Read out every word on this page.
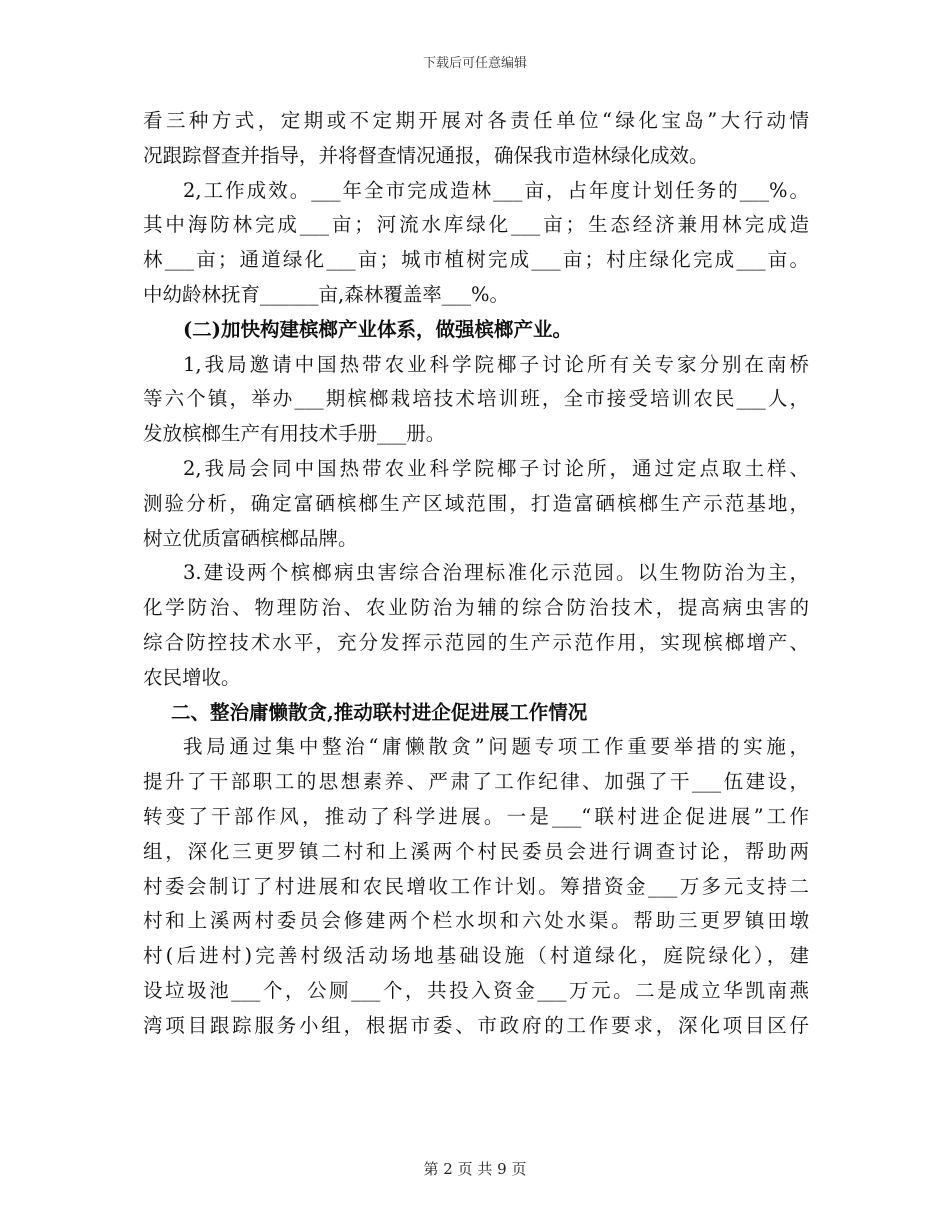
下载后可任意编辑
看三种方式，定期或不定期开展对各责任单位“绿化宝岛”大行动情
况跟踪督查并指导，并将督查情况通报，确保我市造林绿化成效。
2,工作成效。___年全市完成造林___亩，占年度计划任务的___%。
其中海防林完成___亩；河流水库绿化___亩；生态经济兼用林完成造
林___亩；通道绿化___亩；城市植树完成___亩；村庄绿化完成___亩。
中幼龄林抚育______亩,森林覆盖率___%。
(二)加快构建槟榔产业体系，做强槟榔产业。
1,我局邀请中国热带农业科学院椰子讨论所有关专家分别在南桥
等六个镇，举办___期槟榔栽培技术培训班，全市接受培训农民___人，
发放槟榔生产有用技术手册___册。
2,我局会同中国热带农业科学院椰子讨论所，通过定点取土样、
测验分析，确定富硒槟榔生产区域范围，打造富硒槟榔生产示范基地，
树立优质富硒槟榔品牌。
3.建设两个槟榔病虫害综合治理标准化示范园。以生物防治为主，
化学防治、物理防治、农业防治为辅的综合防治技术，提高病虫害的
综合防控技术水平，充分发挥示范园的生产示范作用，实现槟榔增产、
农民增收。
二、整治庸懒散贪,推动联村进企促进展工作情况
我局通过集中整治“庸懒散贪”问题专项工作重要举措的实施，
提升了干部职工的思想素养、严肃了工作纪律、加强了干___伍建设，
转变了干部作风，推动了科学进展。一是___“联村进企促进展”工作
组，深化三更罗镇二村和上溪两个村民委员会进行调查讨论，帮助两
村委会制订了村进展和农民增收工作计划。筹措资金___万多元支持二
村和上溪两村委员会修建两个栏水坝和六处水渠。帮助三更罗镇田墩
村(后进村)完善村级活动场地基础设施（村道绿化，庭院绿化），建
设垃圾池___个，公厕___个，共投入资金___万元。二是成立华凯南燕
湾项目跟踪服务小组，根据市委、市政府的工作要求，深化项目区仔
第 2 页 共 9 页
